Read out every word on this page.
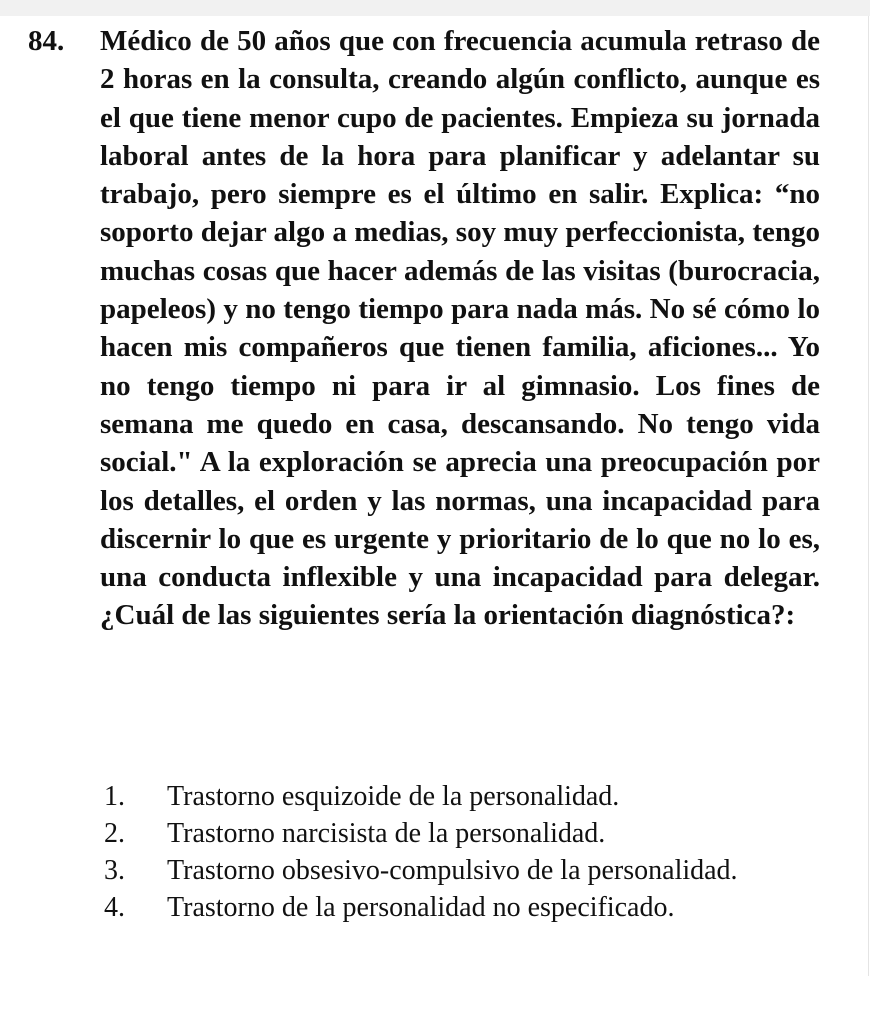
84. Médico de 50 años que con frecuencia acumula retraso de 2 horas en la consulta, creando algún conflicto, aunque es el que tiene menor cupo de pacientes. Empieza su jornada laboral antes de la hora para planificar y adelantar su trabajo, pero siempre es el último en salir. Explica: “no soporto dejar algo a medias, soy muy perfeccionista, tengo muchas cosas que hacer además de las visitas (burocracia, papeleos) y no tengo tiempo para nada más. No sé cómo lo hacen mis compañeros que tienen familia, aficiones... Yo no tengo tiempo ni para ir al gimnasio. Los fines de semana me quedo en casa, descansando. No tengo vida social." A la exploración se aprecia una preocupación por los detalles, el orden y las normas, una incapacidad para discernir lo que es urgente y prioritario de lo que no lo es, una conducta inflexible y una incapacidad para delegar. ¿Cuál de las siguientes sería la orientación diagnóstica?:
1. Trastorno esquizoide de la personalidad.
2. Trastorno narcisista de la personalidad.
3. Trastorno obsesivo-compulsivo de la personalidad.
4. Trastorno de la personalidad no especificado.
